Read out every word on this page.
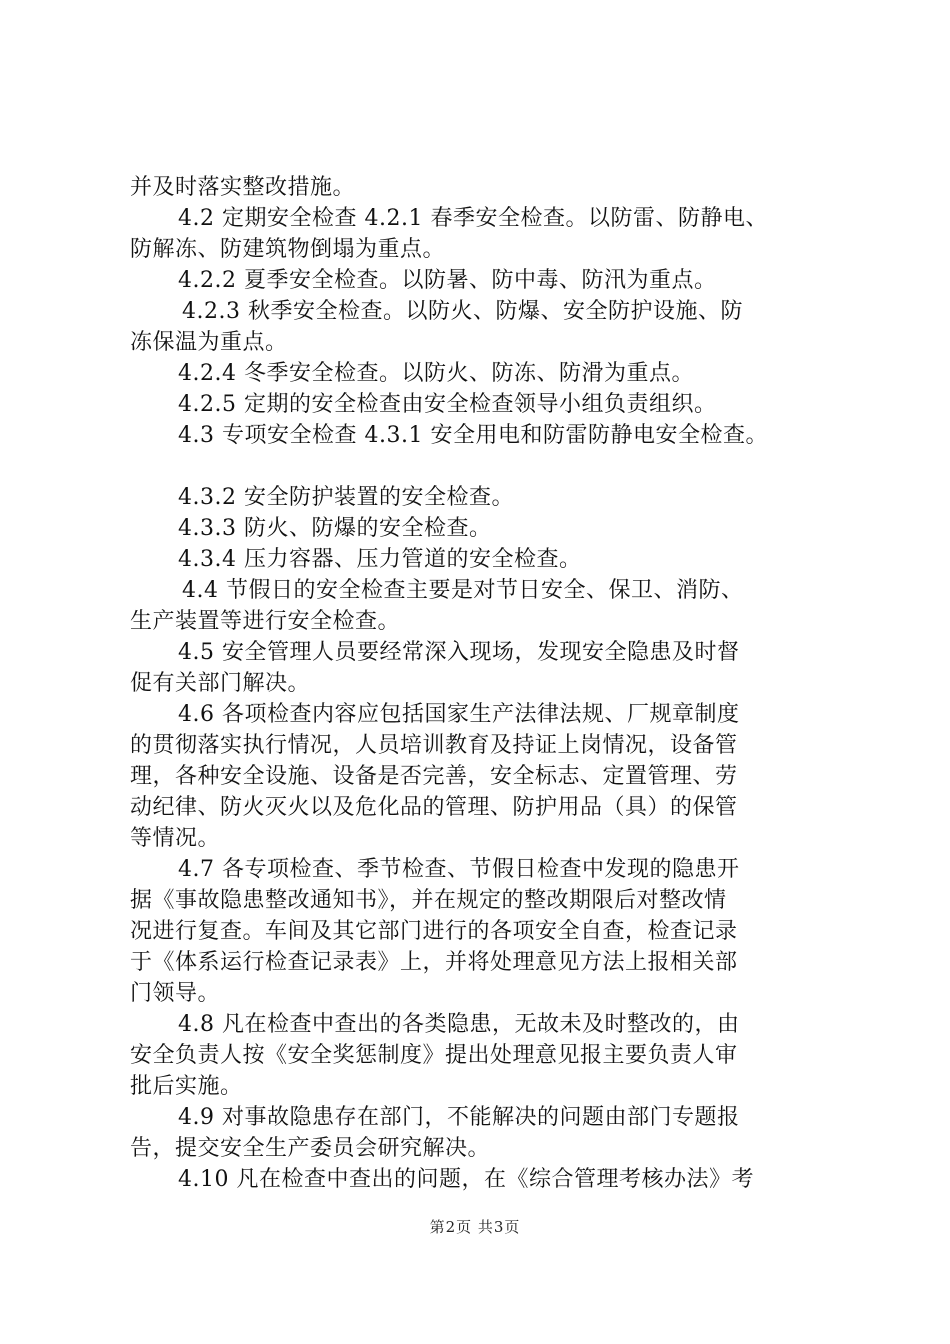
并及时落实整改措施。
4.2 定期安全检查 4.2.1 春季安全检查。以防雷、防静电、
防解冻、防建筑物倒塌为重点。
4.2.2 夏季安全检查。以防暑、防中毒、防汛为重点。
4.2.3 秋季安全检查。以防火、防爆、安全防护设施、防
冻保温为重点。
4.2.4 冬季安全检查。以防火、防冻、防滑为重点。
4.2.5 定期的安全检查由安全检查领导小组负责组织。
4.3 专项安全检查 4.3.1 安全用电和防雷防静电安全检查。
4.3.2 安全防护装置的安全检查。
4.3.3 防火、防爆的安全检查。
4.3.4 压力容器、压力管道的安全检查。
4.4 节假日的安全检查主要是对节日安全、保卫、消防、
生产装置等进行安全检查。
4.5 安全管理人员要经常深入现场，发现安全隐患及时督
促有关部门解决。
4.6 各项检查内容应包括国家生产法律法规、厂规章制度
的贯彻落实执行情况，人员培训教育及持证上岗情况，设备管
理，各种安全设施、设备是否完善，安全标志、定置管理、劳
动纪律、防火灭火以及危化品的管理、防护用品（具）的保管
等情况。
4.7 各专项检查、季节检查、节假日检查中发现的隐患开
据《事故隐患整改通知书》，并在规定的整改期限后对整改情
况进行复查。车间及其它部门进行的各项安全自查，检查记录
于《体系运行检查记录表》上，并将处理意见方法上报相关部
门领导。
4.8 凡在检查中查出的各类隐患，无故未及时整改的，由
安全负责人按《安全奖惩制度》提出处理意见报主要负责人审
批后实施。
4.9 对事故隐患存在部门，不能解决的问题由部门专题报
告，提交安全生产委员会研究解决。
4.10 凡在检查中查出的问题，在《综合管理考核办法》考
第2页 共3页
